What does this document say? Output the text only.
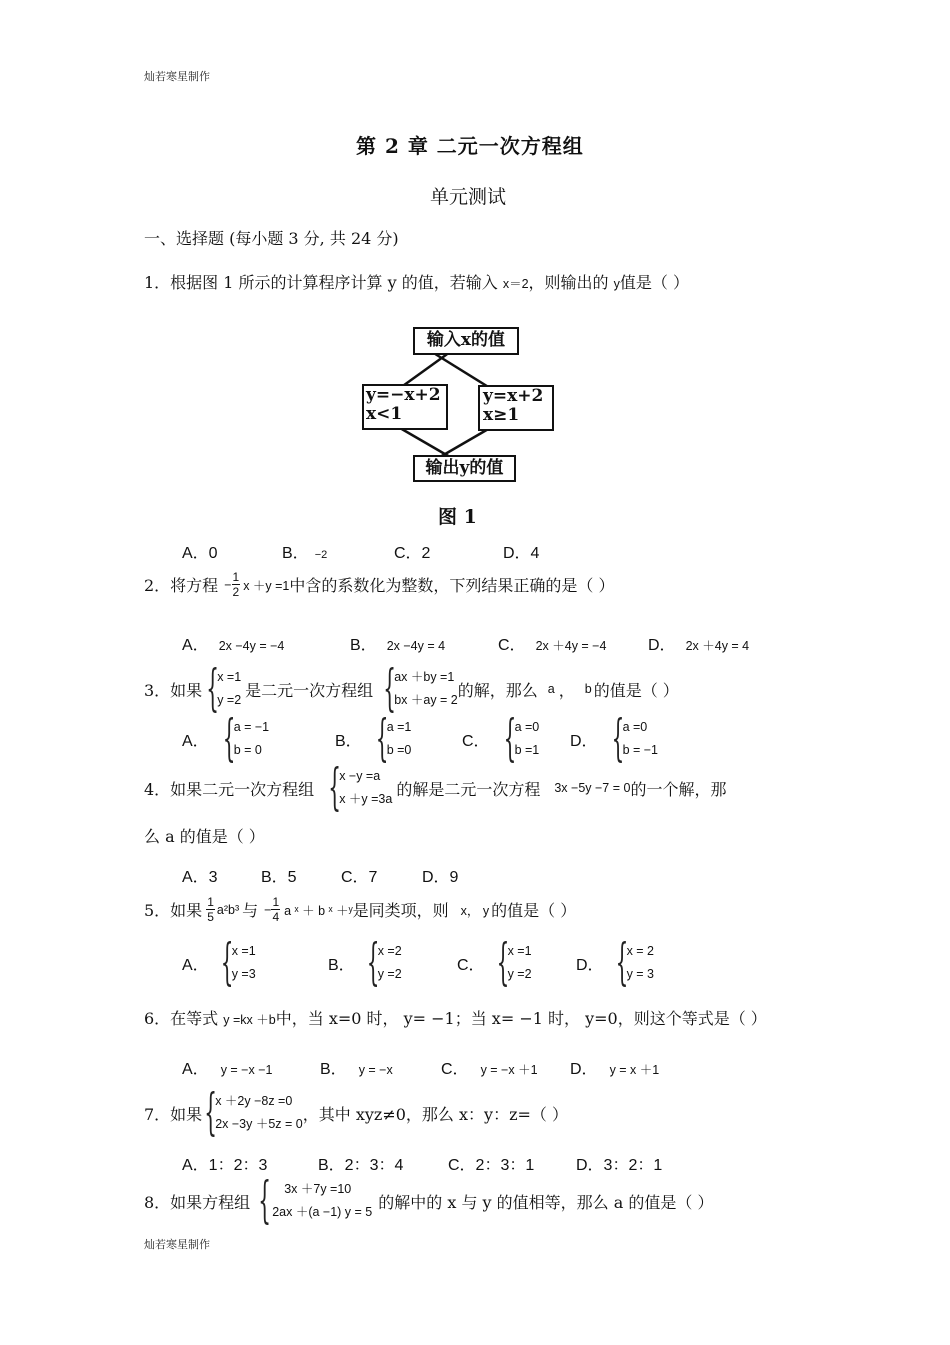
灿若寒星制作
第 2 章 二元一次方程组
单元测试
一、选择题 (每小题 3 分, 共 24 分)
1．根据图 1 所示的计算程序计算 y 的值，若输入 x＝2，则输出的 y值是（ ）
输入x的值
y=−x+2
x<1
y=x+2
x≥1
输出y的值
图 1
A．0	B． −2	C．2	D．4
2．将方程 − $\frac{1}{2}$ x ＋y =1 中含的系数化为整数，下列结果正确的是（ ）
A． 2x −4y = −4	B． 2x −4y = 4	C． 2x ＋4y = −4	D． 2x ＋4y = 4
3．如果
{ x =1
y =2
是二元一次方程组
{ ax ＋by =1
bx ＋ay = 2
的解，那么 a ， b 的值是（ ）
A．
{ a = −1
b = 0
B．
{ a =1
b =0
C．
{ a =0
b =1
D．
{ a =0
b = −1
4．如果二元一次方程组
{ x −y =a
x ＋y =3a
的解是二元一次方程 3x −5y −7 = 0 的一个解，那
么 a 的值是（ ）
A．3	B．5	C．7	D．9
5．如果 $\frac{1}{5} a^2b^3$ 与 − $\frac{1}{4}$ a ˣ ＋ b ˣ ＋ʸ 是同类项，则 x， y 的值是（ ）
A．
{ x =1
y =3
B．
{ x =2
y =2
C．
{ x =1
y =2
D．
{ x = 2
y = 3
6．在等式 y =kx ＋b中，当 x=0 时， y= −1；当 x= −1 时， y=0，则这个等式是（ ）
A． y = −x −1	B． y = −x	C． y = −x ＋1 D． y = x ＋1
7．如果
{ x ＋2y −8z =0
2x −3y ＋5z = 0
，其中 xyz≠0，那么 x：y：z=（ ）
A．1：2：3	B．2：3：4	C．2：3：1	D．3：2：1
8．如果方程组
{ 3x ＋7y =10
2ax ＋(a −1) y = 5
的解中的 x 与 y 的值相等，那么 a 的值是（ ）
灿若寒星制作
